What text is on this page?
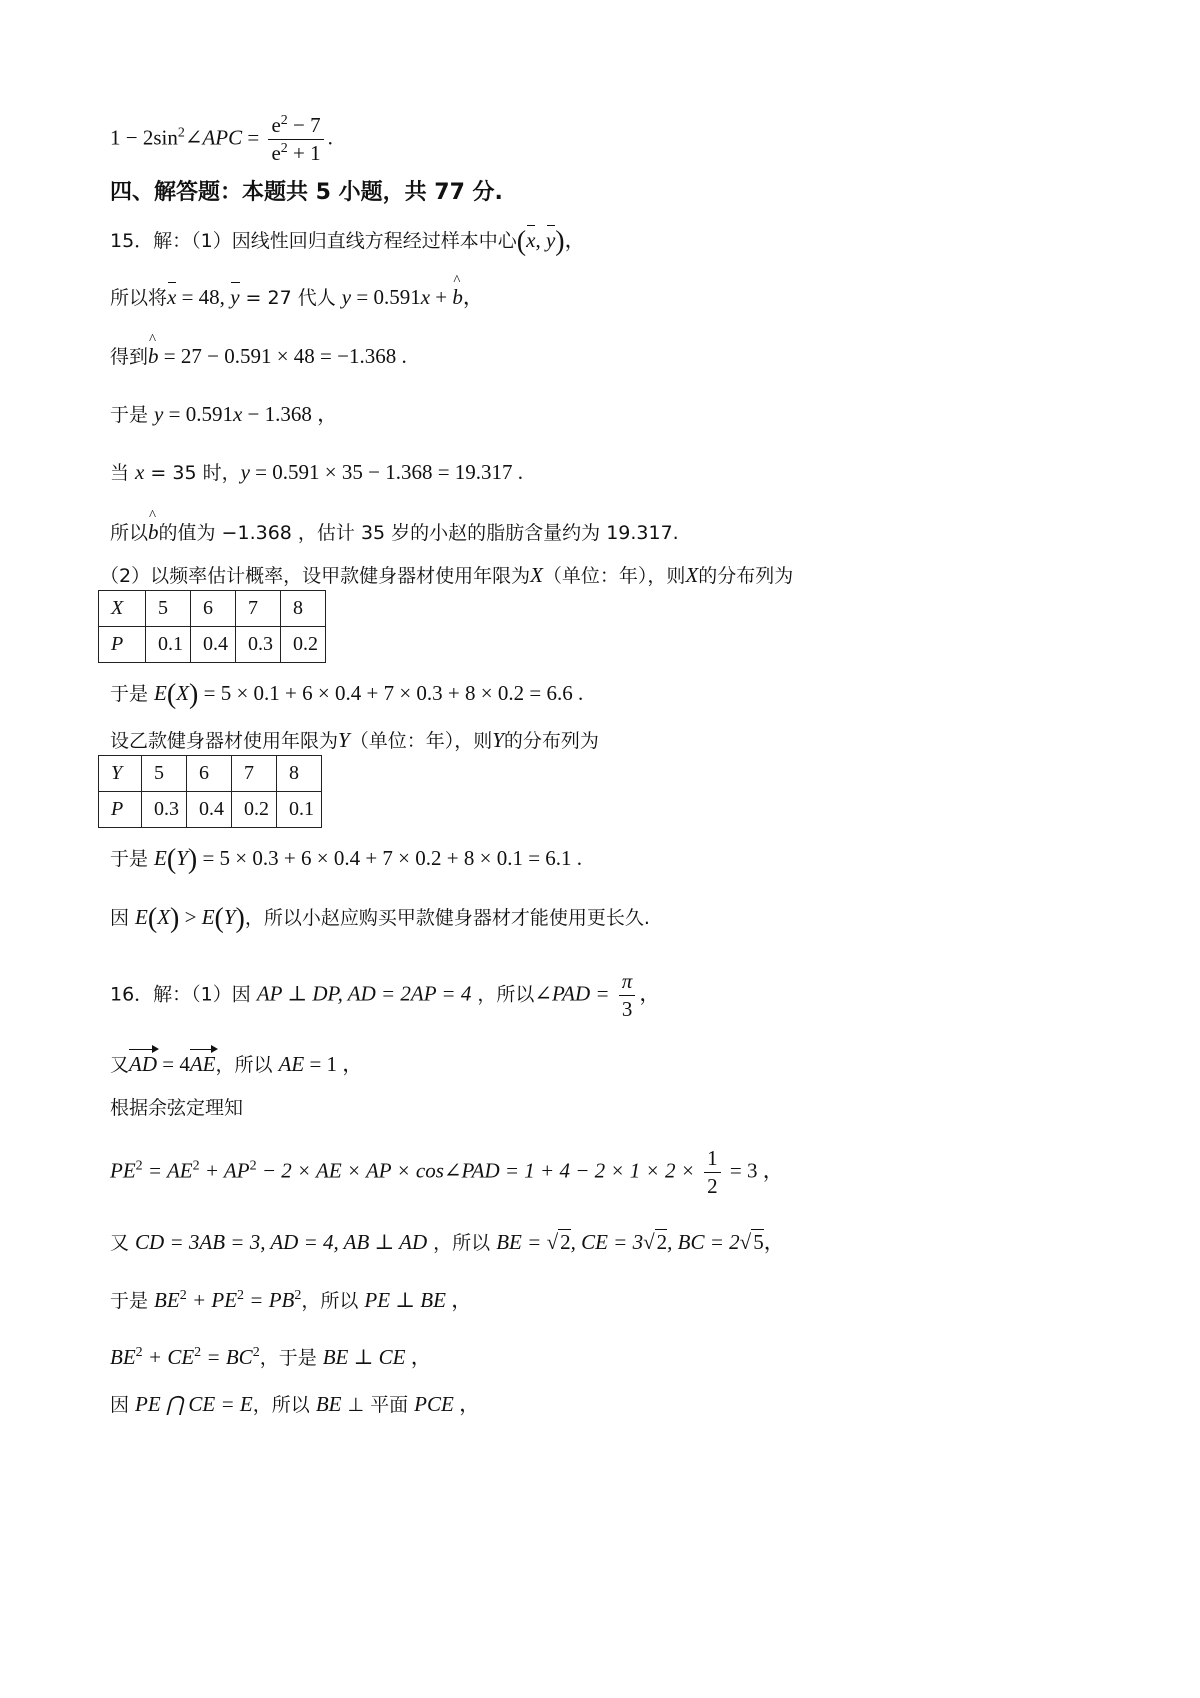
$1 - 2\sin^2\angle APC = \frac{e^2 - 7}{e^2 + 1}$ .
四、解答题：本题共 5 小题，共 77 分.
15．解：（1）因线性回归直线方程经过样本中心(x, y)，
所以将x = 48, y = 27 代人 y = 0.591x + ^ b，
得到^ b = 27 − 0.591 × 48 = −1.368 .
于是 y = 0.591x − 1.368 ，
当 x = 35 时，y = 0.591 × 35 − 1.368 = 19.317 .
所以^ b的值为 −1.368 ，估计 35 岁的小赵的脂肪含量约为 19.317.
（2）以频率估计概率，设甲款健身器材使用年限为X（单位：年），则X的分布列为
X	5	6	7	8
P	0.1	0.4	0.3	0.2
于是 E(X) = 5 × 0.1 + 6 × 0.4 + 7 × 0.3 + 8 × 0.2 = 6.6 .
设乙款健身器材使用年限为Y（单位：年），则Y的分布列为
Y	5	6	7	8
P	0.3	0.4	0.2	0.1
于是 E(Y) = 5 × 0.3 + 6 × 0.4 + 7 × 0.2 + 8 × 0.1 = 6.1 .
因 E(X) > E(Y)，所以小赵应购买甲款健身器材才能使用更长久.
16．解：（1）因 AP ⊥ DP, AD = 2AP = 4 ，所以∠PAD = $\frac{\pi}{3}$ ，
又AD = 4AE，所以 AE = 1 ，
根据余弦定理知
$PE^2 = AE^2 + AP^2 - 2$ × AE × AP × cos∠PAD = $1 + 4 - 2 \times 1 \times 2 \times \frac{1}{2} = 3$ ，
又 CD = 3AB = 3, AD = 4, AB ⊥ AD ，所以 BE = √2, CE = 3√2, BC = 2√5，
于是 $BE^2 + PE^2 = PB^2$，所以 PE ⊥ BE ，
$BE^2 + CE^2 = BC^2$，于是 BE ⊥ CE ，
因 PE ⋂ CE = E，所以 BE ⊥ 平面 PCE ，
